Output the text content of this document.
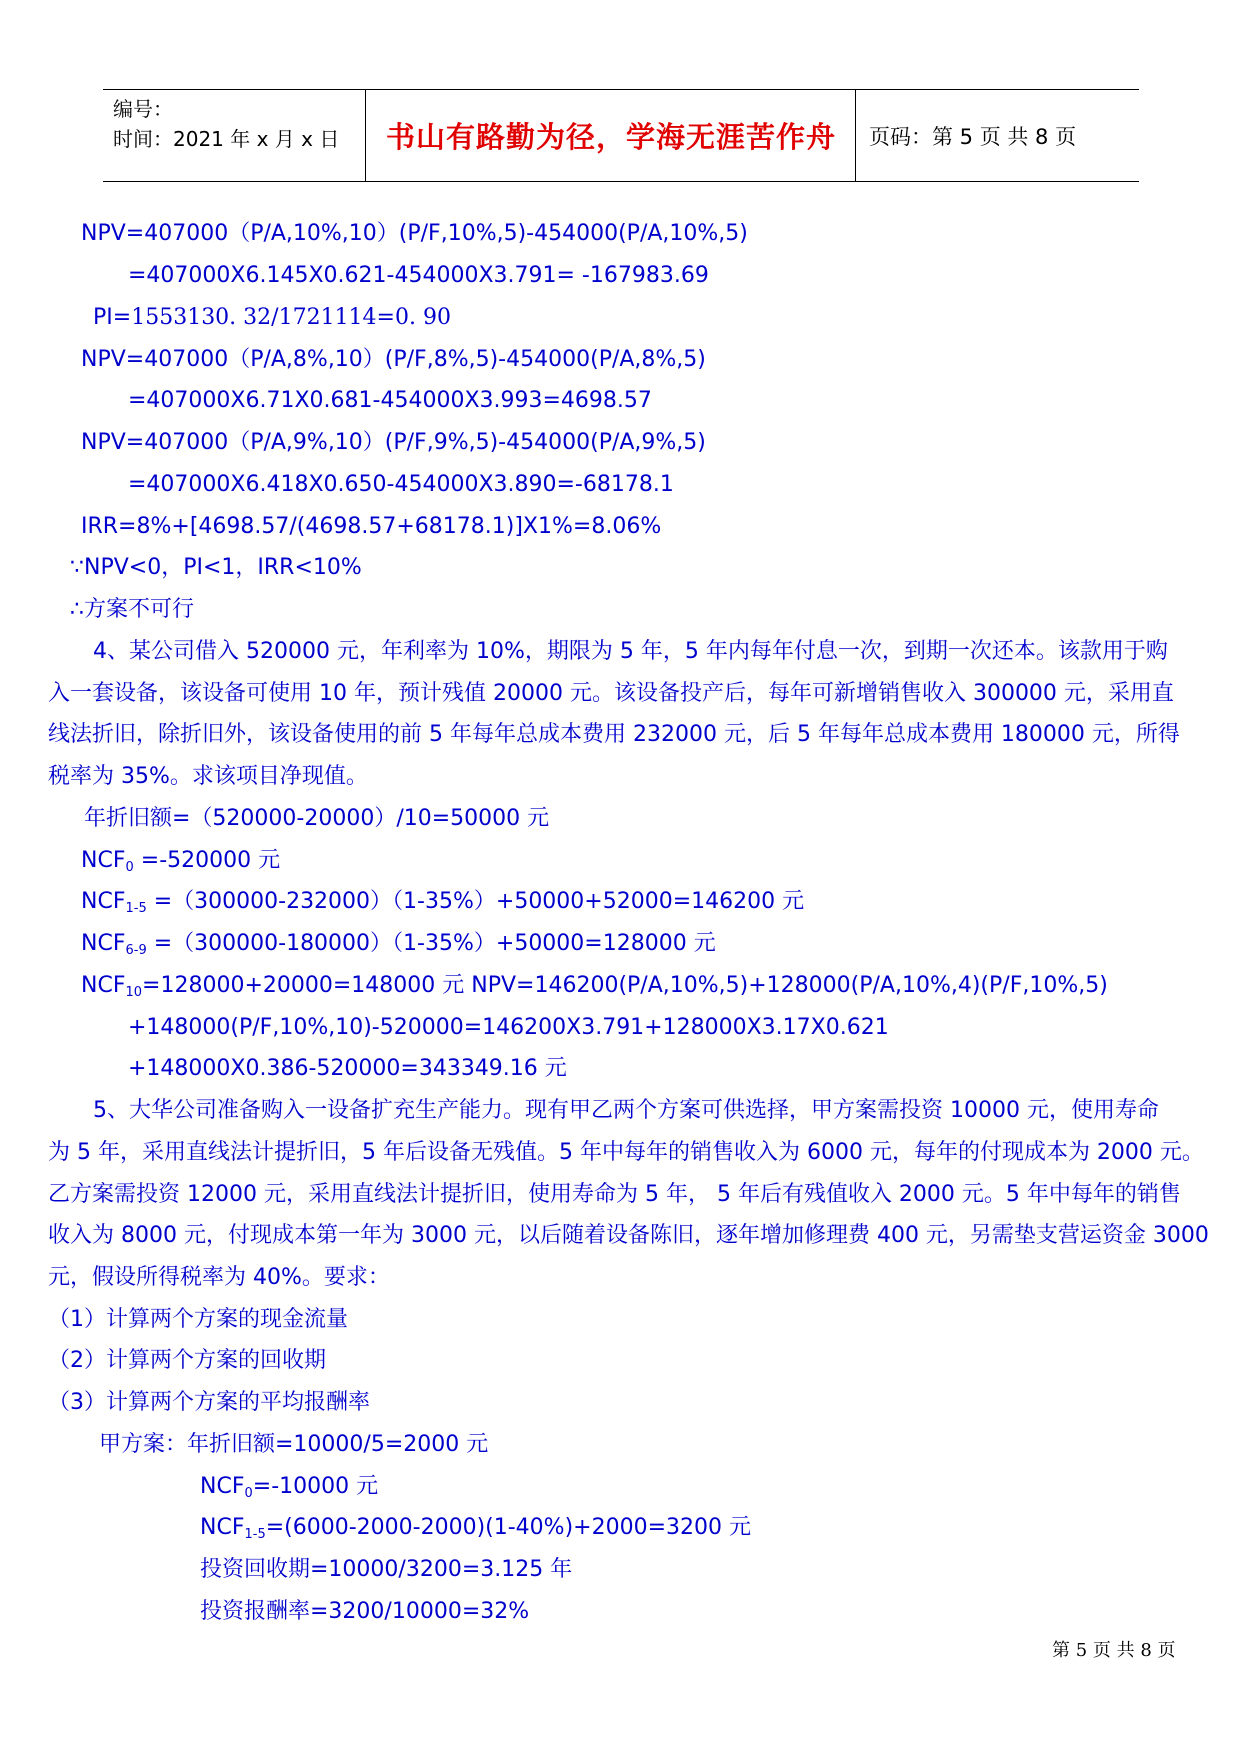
编号：
时间：2021 年 x 月 x 日	书山有路勤为径，学海无涯苦作舟	页码：第 5 页 共 8 页
NPV=407000（P/A,10%,10）(P/F,10%,5)-454000(P/A,10%,5)
=407000X6.145X0.621-454000X3.791= -167983.69
PI=1553130. 32/1721114=0. 90
NPV=407000（P/A,8%,10）(P/F,8%,5)-454000(P/A,8%,5)
=407000X6.71X0.681-454000X3.993=4698.57
NPV=407000（P/A,9%,10）(P/F,9%,5)-454000(P/A,9%,5)
=407000X6.418X0.650-454000X3.890=-68178.1
IRR=8%+[4698.57/(4698.57+68178.1)]X1%=8.06%
∵NPV<0，PI<1，IRR<10%
∴方案不可行
4、某公司借入 520000 元，年利率为 10%，期限为 5 年，5 年内每年付息一次，到期一次还本。该款用于购
入一套设备，该设备可使用 10 年，预计残值 20000 元。该设备投产后，每年可新增销售收入 300000 元，采用直
线法折旧，除折旧外，该设备使用的前 5 年每年总成本费用 232000 元，后 5 年每年总成本费用 180000 元，所得
税率为 35%。求该项目净现值。
年折旧额=（520000-20000）/10=50000 元
$NCF_0 =-520000$ 元
$NCF_{1-5} =(300000-232000)(1-35\%)+50000+52000=146200$ 元
$NCF_{6-9} =(300000-180000)(1-35\%)+50000=128000$ 元
$NCF_{10}=128000+20000=148000$ 元 NPV=146200(P/A,10%,5)+128000(P/A,10%,4)(P/F,10%,5)
+148000(P/F,10%,10)-520000=146200X3.791+128000X3.17X0.621
+148000X0.386-520000=343349.16 元
5、大华公司准备购入一设备扩充生产能力。现有甲乙两个方案可供选择，甲方案需投资 10000 元，使用寿命
为 5 年，采用直线法计提折旧，5 年后设备无残值。5 年中每年的销售收入为 6000 元，每年的付现成本为 2000 元。
乙方案需投资 12000 元，采用直线法计提折旧，使用寿命为 5 年， 5 年后有残值收入 2000 元。5 年中每年的销售
收入为 8000 元，付现成本第一年为 3000 元，以后随着设备陈旧，逐年增加修理费 400 元，另需垫支营运资金 3000
元，假设所得税率为 40%。要求：
（1）计算两个方案的现金流量
（2）计算两个方案的回收期
（3）计算两个方案的平均报酬率
甲方案：年折旧额=10000/5=2000 元
$NCF_0=-10000$ 元
$NCF_{1-5}=(6000-2000-2000)(1-40\%)+2000=3200$ 元
投资回收期=10000/3200=3.125 年
投资报酬率=3200/10000=32%
第 5 页 共 8 页
